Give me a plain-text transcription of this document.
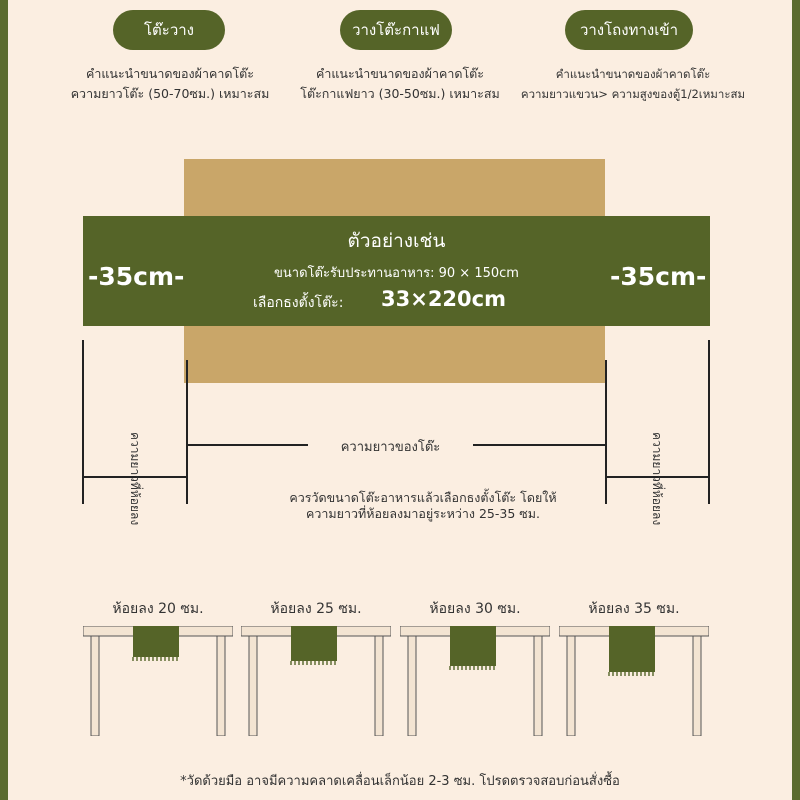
โต๊ะวาง	วางโต๊ะกาแฟ	วางโถงทางเข้า
คำแนะนำขนาดของผ้าคาดโต๊ะ
ความยาวโต๊ะ (50-70ซม.) เหมาะสม
คำแนะนำขนาดของผ้าคาดโต๊ะ
โต๊ะกาแฟยาว (30-50ซม.) เหมาะสม
คำแนะนำขนาดของผ้าคาดโต๊ะ
ความยาวแขวน> ความสูงของตู้1/2เหมาะสม
ตัวอย่างเช่น
ขนาดโต๊ะรับประทานอาหาร: 90 × 150cm
เลือกธงตั้งโต๊ะ: 33×220cm
-35cm-	-35cm-
ความยาวของโต๊ะ
ความยาวที่ห้อยลง	ความยาวที่ห้อยลง
ควรวัดขนาดโต๊ะอาหารแล้วเลือกธงตั้งโต๊ะ โดยให้ความยาวที่ห้อยลงมาอยู่ระหว่าง 25-35 ซม.
ห้อยลง 20 ซม.	ห้อยลง 25 ซม.	ห้อยลง 30 ซม.	ห้อยลง 35 ซม.
*วัดด้วยมือ อาจมีความคลาดเคลื่อนเล็กน้อย 2-3 ซม. โปรดตรวจสอบก่อนสั่งซื้อ
